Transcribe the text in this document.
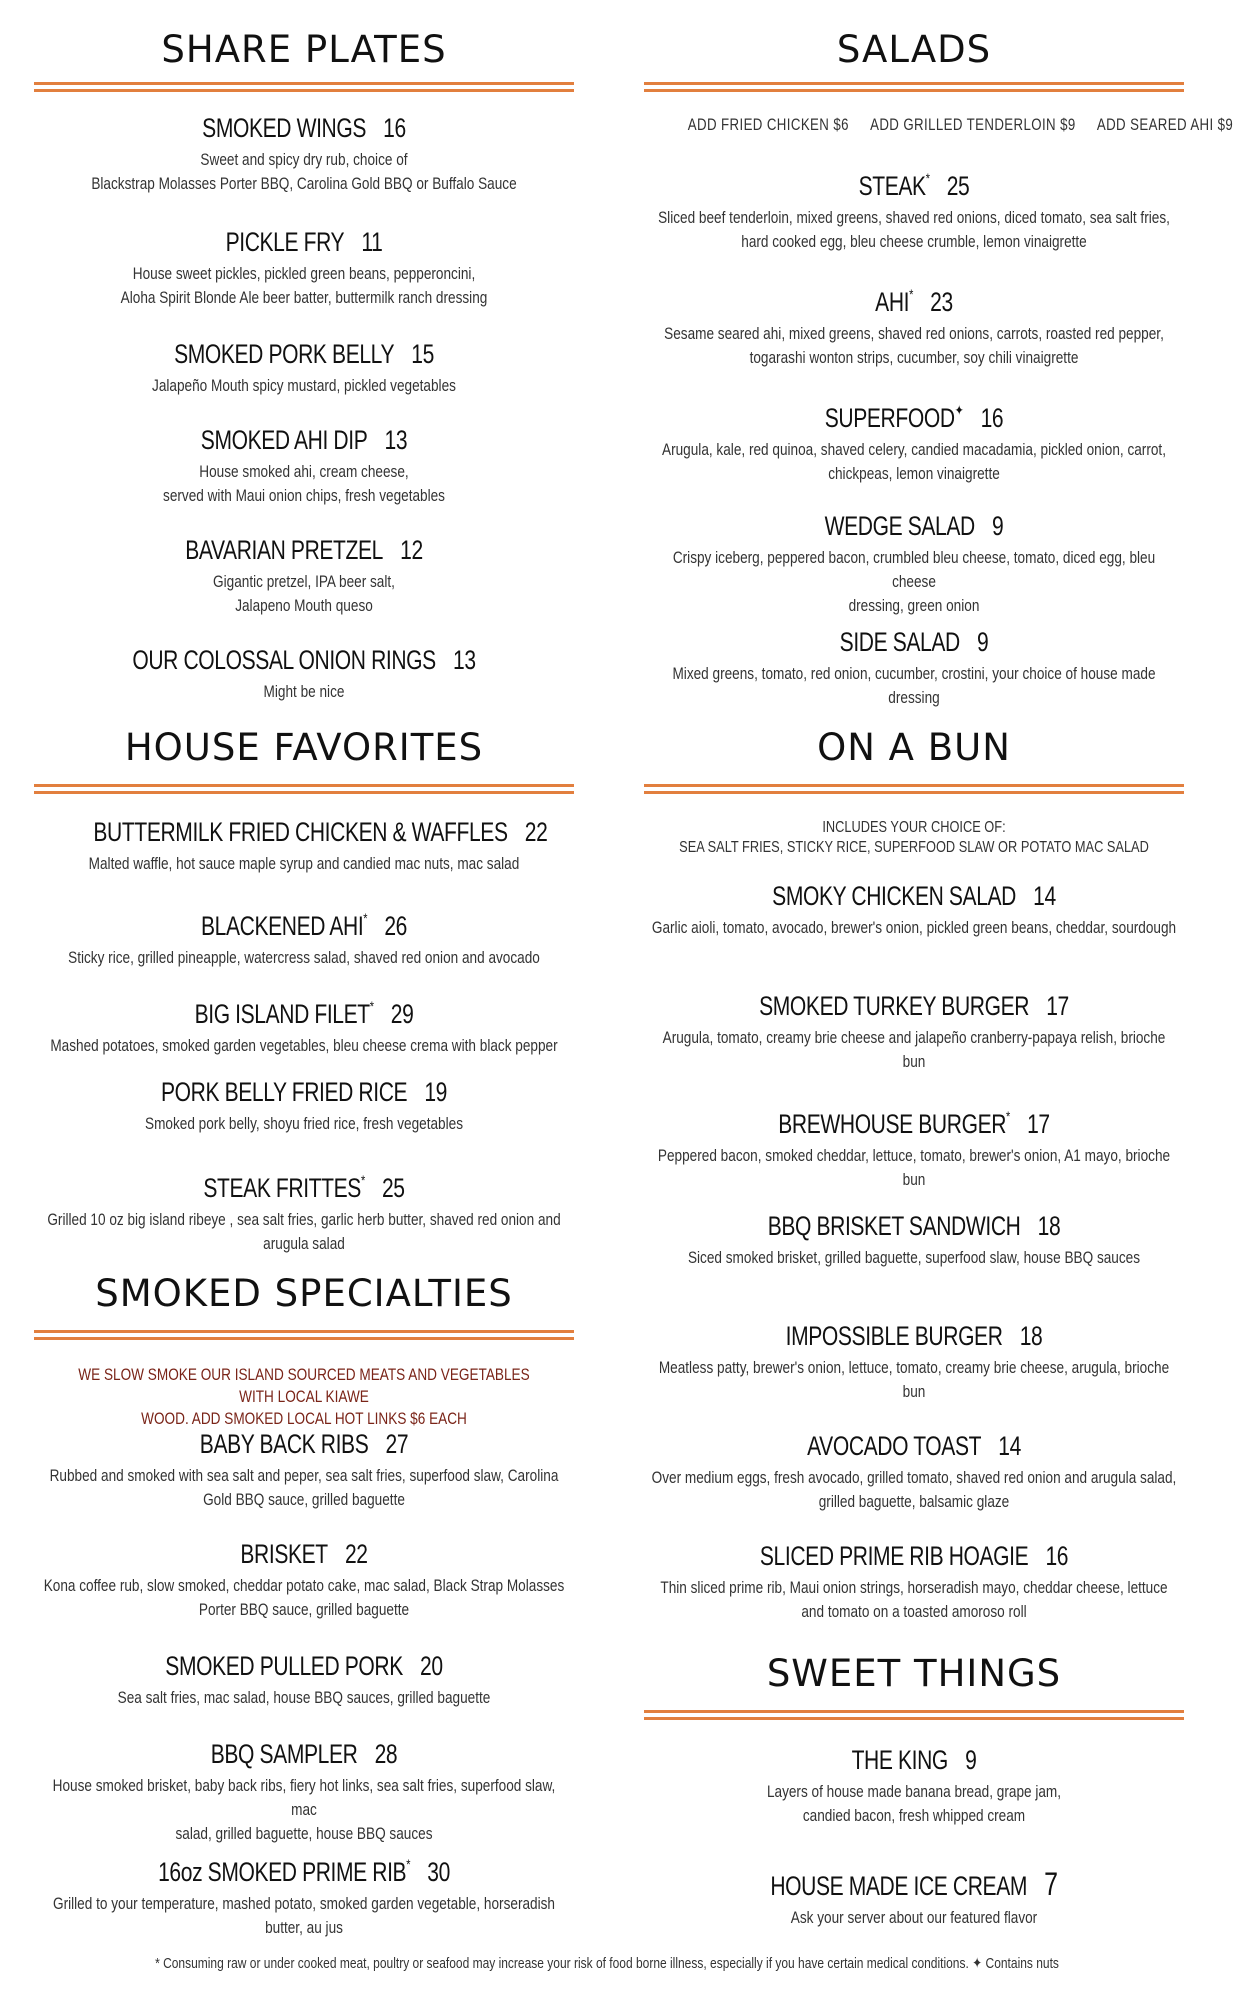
SHARE PLATES
SMOKED WINGS 16
Sweet and spicy dry rub, choice of
Blackstrap Molasses Porter BBQ, Carolina Gold BBQ or Buffalo Sauce
PICKLE FRY 11
House sweet pickles, pickled green beans, pepperoncini,
Aloha Spirit Blonde Ale beer batter, buttermilk ranch dressing
SMOKED PORK BELLY 15
Jalapeño Mouth spicy mustard, pickled vegetables
SMOKED AHI DIP 13
House smoked ahi, cream cheese,
served with Maui onion chips, fresh vegetables
BAVARIAN PRETZEL 12
Gigantic pretzel, IPA beer salt,
Jalapeno Mouth queso
OUR COLOSSAL ONION RINGS 13
Might be nice
HOUSE FAVORITES
BUTTERMILK FRIED CHICKEN & WAFFLES 22
Malted waffle, hot sauce maple syrup and candied mac nuts, mac salad
BLACKENED AHI* 26
Sticky rice, grilled pineapple, watercress salad, shaved red onion and avocado
BIG ISLAND FILET* 29
Mashed potatoes, smoked garden vegetables, bleu cheese crema with black pepper
PORK BELLY FRIED RICE 19
Smoked pork belly, shoyu fried rice, fresh vegetables
STEAK FRITTES* 25
Grilled 10 oz big island ribeye , sea salt fries, garlic herb butter, shaved red onion and
arugula salad
SMOKED SPECIALTIES
WE SLOW SMOKE OUR ISLAND SOURCED MEATS AND VEGETABLES WITH LOCAL KIAWE
WOOD. ADD SMOKED LOCAL HOT LINKS $6 EACH
BABY BACK RIBS 27
Rubbed and smoked with sea salt and peper, sea salt fries, superfood slaw, Carolina
Gold BBQ sauce, grilled baguette
BRISKET 22
Kona coffee rub, slow smoked, cheddar potato cake, mac salad, Black Strap Molasses
Porter BBQ sauce, grilled baguette
SMOKED PULLED PORK 20
Sea salt fries, mac salad, house BBQ sauces, grilled baguette
BBQ SAMPLER 28
House smoked brisket, baby back ribs, fiery hot links, sea salt fries, superfood slaw, mac
salad, grilled baguette, house BBQ sauces
16oz SMOKED PRIME RIB* 30
Grilled to your temperature, mashed potato, smoked garden vegetable, horseradish
butter, au jus
SALADS
ADD FRIED CHICKEN $6 ADD GRILLED TENDERLOIN $9 ADD SEARED AHI $9
STEAK* 25
Sliced beef tenderloin, mixed greens, shaved red onions, diced tomato, sea salt fries,
hard cooked egg, bleu cheese crumble, lemon vinaigrette
AHI* 23
Sesame seared ahi, mixed greens, shaved red onions, carrots, roasted red pepper,
togarashi wonton strips, cucumber, soy chili vinaigrette
SUPERFOOD✦ 16
Arugula, kale, red quinoa, shaved celery, candied macadamia, pickled onion, carrot,
chickpeas, lemon vinaigrette
WEDGE SALAD 9
Crispy iceberg, peppered bacon, crumbled bleu cheese, tomato, diced egg, bleu cheese
dressing, green onion
SIDE SALAD 9
Mixed greens, tomato, red onion, cucumber, crostini, your choice of house made dressing
ON A BUN
INCLUDES YOUR CHOICE OF:
SEA SALT FRIES, STICKY RICE, SUPERFOOD SLAW OR POTATO MAC SALAD
SMOKY CHICKEN SALAD 14
Garlic aioli, tomato, avocado, brewer's onion, pickled green beans, cheddar, sourdough
SMOKED TURKEY BURGER 17
Arugula, tomato, creamy brie cheese and jalapeño cranberry-papaya relish, brioche bun
BREWHOUSE BURGER* 17
Peppered bacon, smoked cheddar, lettuce, tomato, brewer's onion, A1 mayo, brioche
bun
BBQ BRISKET SANDWICH 18
Siced smoked brisket, grilled baguette, superfood slaw, house BBQ sauces
IMPOSSIBLE BURGER 18
Meatless patty, brewer's onion, lettuce, tomato, creamy brie cheese, arugula, brioche
bun
AVOCADO TOAST 14
Over medium eggs, fresh avocado, grilled tomato, shaved red onion and arugula salad,
grilled baguette, balsamic glaze
SLICED PRIME RIB HOAGIE 16
Thin sliced prime rib, Maui onion strings, horseradish mayo, cheddar cheese, lettuce
and tomato on a toasted amoroso roll
SWEET THINGS
THE KING 9
Layers of house made banana bread, grape jam,
candied bacon, fresh whipped cream
HOUSE MADE ICE CREAM 7
Ask your server about our featured flavor
* Consuming raw or under cooked meat, poultry or seafood may increase your risk of food borne illness, especially if you have certain medical conditions. ✦ Contains nuts
